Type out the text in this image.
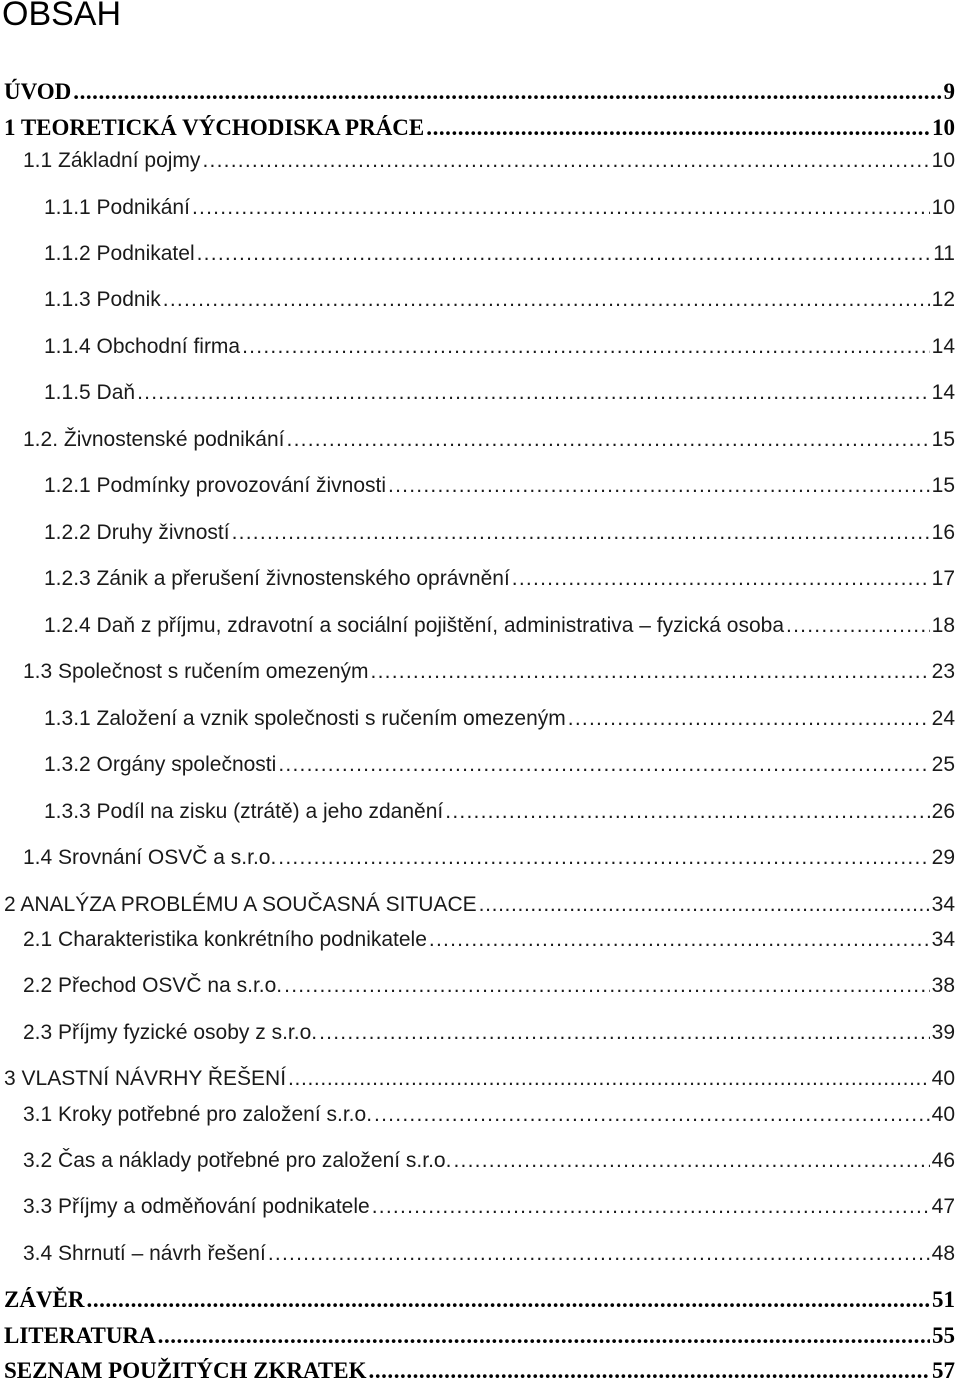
OBSAH
ÚVOD . . .	9
1 TEORETICKÁ VÝCHODISKA PRÁCE . . .	10
1.1 Základní pojmy . . .	10
1.1.1 Podnikání . . .	10
1.1.2 Podnikatel . . .	11
1.1.3 Podnik . . .	12
1.1.4 Obchodní firma . . .	14
1.1.5 Daň . . .	14
1.2. Živnostenské podnikání . . .	15
1.2.1 Podmínky provozování živnosti . . .	15
1.2.2 Druhy živností . . .	16
1.2.3 Zánik a přerušení živnostenského oprávnění . . .	17
1.2.4 Daň z příjmu, zdravotní a sociální pojištění, administrativa – fyzická osoba . . .	18
1.3 Společnost s ručením omezeným . . .	23
1.3.1 Založení a vznik společnosti s ručením omezeným . . .	24
1.3.2 Orgány společnosti . . .	25
1.3.3 Podíl na zisku (ztrátě) a jeho zdanění . . .	26
1.4 Srovnání OSVČ a s.r.o. . . .	29
2 ANALÝZA PROBLÉMU A SOUČASNÁ SITUACE . . .	34
2.1 Charakteristika konkrétního podnikatele . . .	34
2.2 Přechod OSVČ na s.r.o. . . .	38
2.3 Příjmy fyzické osoby z s.r.o. . . .	39
3 VLASTNÍ NÁVRHY ŘEŠENÍ . . .	40
3.1 Kroky potřebné pro založení s.r.o. . . .	40
3.2 Čas a náklady potřebné pro založení s.r.o. . . .	46
3.3 Příjmy a odměňování podnikatele . . .	47
3.4 Shrnutí – návrh řešení . . .	48
ZÁVĚR . . .	51
LITERATURA . . .	55
SEZNAM POUŽITÝCH ZKRATEK . . .	57
